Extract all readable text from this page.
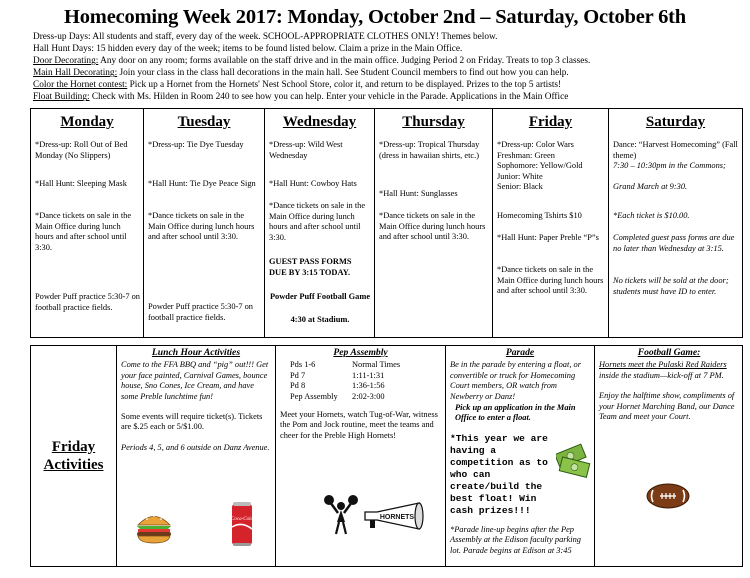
Homecoming Week 2017: Monday, October 2nd – Saturday, October 6th
Dress-up Days: All students and staff, every day of the week. SCHOOL-APPROPRIATE CLOTHES ONLY! Themes below.
Hall Hunt Days: 15 hidden every day of the week; items to be found listed below. Claim a prize in the Main Office.
Door Decorating: Any door on any room; forms available on the staff drive and in the main office. Judging Period 2 on Friday. Treats to top 3 classes.
Main Hall Decorating: Join your class in the class hall decorations in the main hall. See Student Council members to find out how you can help.
Color the Hornet contest: Pick up a Hornet from the Hornets' Nest School Store, color it, and return to be displayed. Prizes to the top 5 artists!
Float Building: Check with Ms. Hilden in Room 240 to see how you can help. Enter your vehicle in the Parade. Applications in the Main Office
Monday
*Dress-up: Roll Out of Bed Monday (No Slippers)
*Hall Hunt: Sleeping Mask
*Dance tickets on sale in the Main Office during lunch hours and after school until 3:30.
Powder Puff practice 5:30-7 on football practice fields.
Tuesday
*Dress-up: Tie Dye Tuesday
*Hall Hunt: Tie Dye Peace Sign
*Dance tickets on sale in the Main Office during lunch hours and after school until 3:30.
Powder Puff practice 5:30-7 on football practice fields.
Wednesday
*Dress-up: Wild West Wednesday
*Hall Hunt: Cowboy Hats
*Dance tickets on sale in the Main Office during lunch hours and after school until 3:30.
GUEST PASS FORMS DUE BY 3:15 TODAY.
Powder Puff Football Game
4:30 at Stadium.
Thursday
*Dress-up: Tropical Thursday (dress in hawaiian shirts, etc.)
*Hall Hunt: Sunglasses
*Dance tickets on sale in the Main Office during lunch hours and after school until 3:30.
Friday
*Dress-up: Color Wars
Freshman: Green
Sophomore: Yellow/Gold
Junior: White
Senior: Black
Homecoming Tshirts $10
*Hall Hunt: Paper Preble “P”s
*Dance tickets on sale in the Main Office during lunch hours and after school until 3:30.
Saturday
Dance: “Harvest Homecoming” (Fall theme)
7:30 – 10:30pm in the Commons;
Grand March at 9:30.
*Each ticket is $10.00.
Completed guest pass forms are due no later than Wednesday at 3:15.
No tickets will be sold at the door; students must have ID to enter.
Friday Activities
Lunch Hour Activities
Come to the FFA BBQ and “pig” out!!! Get your face painted, Carnival Games, bounce house, Sno Cones, Ice Cream, and have some Preble lunchtime fun!
Some events will require ticket(s). Tickets are $.25 each or 5/$1.00.
Periods 4, 5, and 6 outside on Danz Avenue.
Coca-Cola
Pep Assembly
Pds 1-6	Normal Times
Pd 7	1:11-1:31
Pd 8	1:36-1:56
Pep Assembly	2:02-3:00
Meet your Hornets, watch Tug-of-War, witness the Pom and Jock routine, meet the teams and cheer for the Preble High Hornets!
HORNETS
Parade
Be in the parade by entering a float, or convertible or truck for Homecoming Court members, OR watch from Newberry or Danz!
Pick up an application in the Main Office to enter a float.
*This year we are having a competition as to who can create/build the best float! Win cash prizes!!!
*Parade line-up begins after the Pep Assembly at the Edison faculty parking lot. Parade begins at Edison at 3:45
Football Game:
Hornets meet the Pulaski Red Raiders inside the stadium—kick-off at 7 PM.
Enjoy the halftime show, compliments of your Hornet Marching Band, our Dance Team and meet your Court.
